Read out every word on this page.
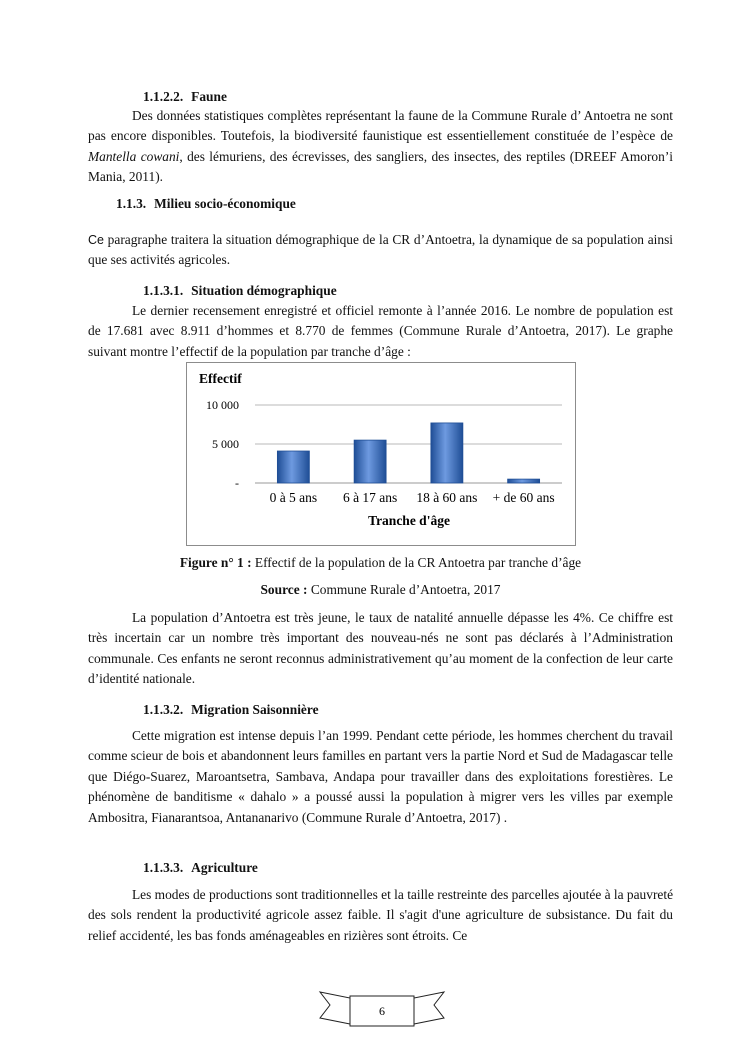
1.1.2.2. Faune

Des données statistiques complètes représentant la faune de la Commune Rurale d’ Antoetra ne sont pas encore disponibles. Toutefois, la biodiversité faunistique est essentiellement constituée de l’espèce de Mantella cowani, des lémuriens, des écrevisses, des sangliers, des insectes, des reptiles (DREEF Amoron’i Mania, 2011).

1.1.3. Milieu socio-économique

Ce paragraphe traitera la situation démographique de la CR d’Antoetra, la dynamique de sa population ainsi que ses activités agricoles.

1.1.3.1. Situation démographique

Le dernier recensement enregistré et officiel remonte à l’année 2016. Le nombre de population est de 17.681 avec 8.911 d’hommes et 8.770 de femmes (Commune Rurale d’Antoetra, 2017). Le graphe suivant montre l’effectif de la population par tranche d’âge :

Effectif
-
5 000
10 000
0 à 5 ans 6 à 17 ans 18 à 60 ans + de 60 ans
Tranche d'âge
Figure n° 1 : Effectif de la population de la CR Antoetra par tranche d’âge
Source : Commune Rurale d’Antoetra, 2017

La population d’Antoetra est très jeune, le taux de natalité annuelle dépasse les 4%. Ce chiffre est très incertain car un nombre très important des nouveau-nés ne sont pas déclarés à l’Administration communale. Ces enfants ne seront reconnus administrativement qu’au moment de la confection de leur carte d’identité nationale.

1.1.3.2. Migration Saisonnière

Cette migration est intense depuis l’an 1999. Pendant cette période, les hommes cherchent du travail comme scieur de bois et abandonnent leurs familles en partant vers la partie Nord et Sud de Madagascar telle que Diégo-Suarez, Maroantsetra, Sambava, Andapa pour travailler dans des exploitations forestières. Le phénomène de banditisme « dahalo » a poussé aussi la population à migrer vers les villes par exemple Ambositra, Fianarantsoa, Antananarivo (Commune Rurale d’Antoetra, 2017) .

1.1.3.3. Agriculture

Les modes de productions sont traditionnelles et la taille restreinte des parcelles ajoutée à la pauvreté des sols rendent la productivité agricole assez faible. Il s'agit d'une agriculture de subsistance. Du fait du relief accidenté, les bas fonds aménageables en rizières sont étroits. Ce

6
